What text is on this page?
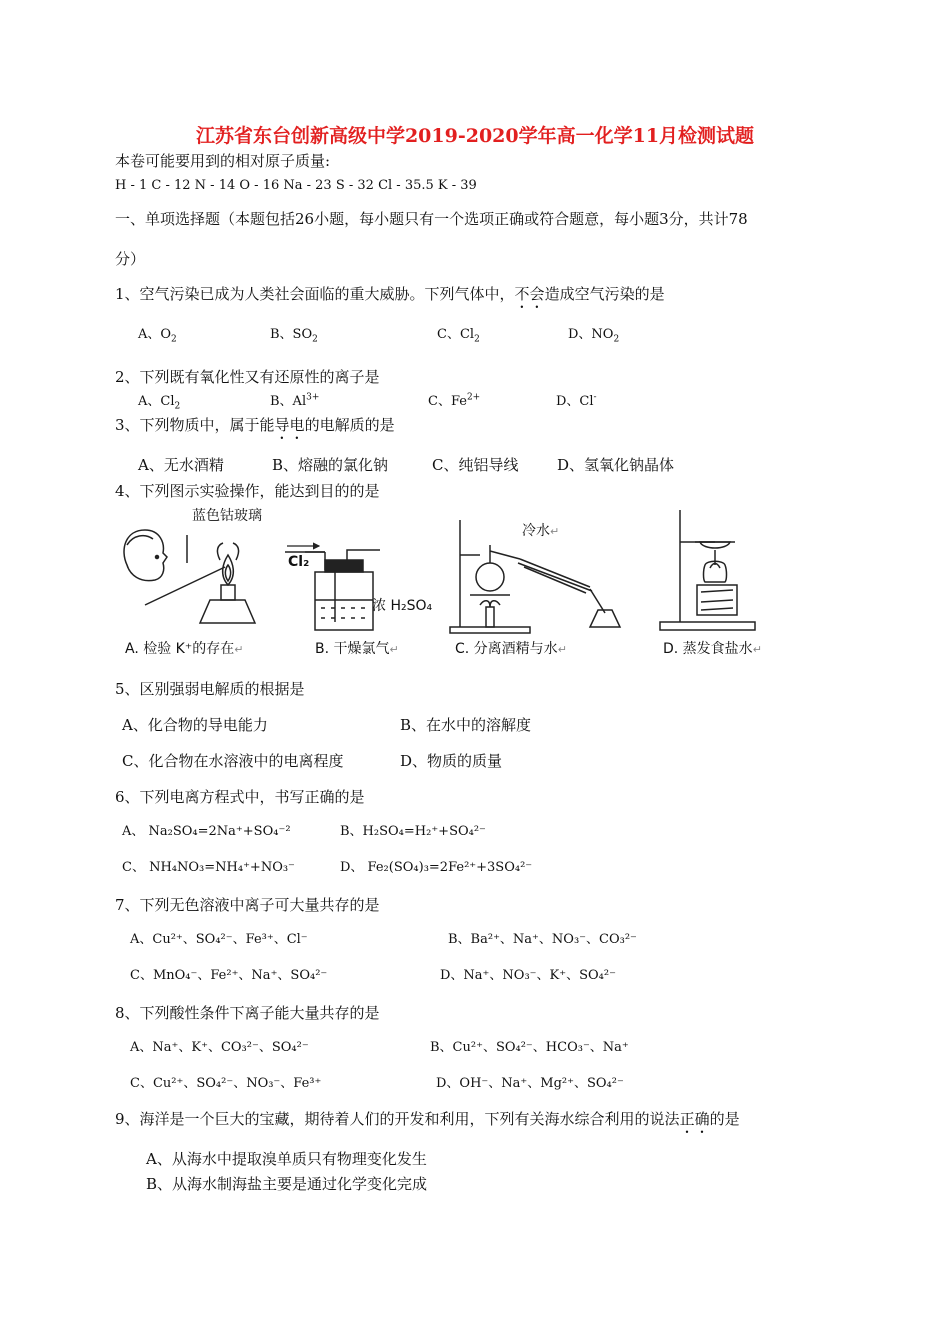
江苏省东台创新高级中学2019-2020学年高一化学11月检测试题
本卷可能要用到的相对原子质量:
H - 1 C - 12 N - 14 O - 16 Na - 23 S - 32 Cl - 35.5 K - 39
一、单项选择题（本题包括26小题，每小题只有一个选项正确或符合题意，每小题3分，共计78
分）
1、空气污染已成为人类社会面临的重大威胁。下列气体中，不会造成空气污染的是
A、$O_2$	B、$SO_2$	C、$Cl_2$	D、$NO_2$
2、下列既有氧化性又有还原性的离子是
A、$Cl_2$	B、$Al^{3+}$	C、$Fe^{2+}$	D、Cl-
3、下列物质中，属于能导电的电解质的是
A、无水酒精	B、熔融的氯化钠	C、纯铝导线	D、氢氧化钠晶体
4、下列图示实验操作，能达到目的的是
蓝色钴玻璃
Cl₂
浓 H₂SO₄
冷水↵
A. 检验 K⁺的存在↵	B. 干燥氯气↵	C. 分离酒精与水↵	D. 蒸发食盐水↵
5、区别强弱电解质的根据是
A、化合物的导电能力	B、在水中的溶解度
C、化合物在水溶液中的电离程度	D、物质的质量
6、下列电离方程式中，书写正确的是
A、 Na₂SO₄=2Na⁺+SO₄⁻²	B、H₂SO₄=H₂⁺+SO₄²⁻
C、 NH₄NO₃=NH₄⁺+NO₃⁻	D、 Fe₂(SO₄)₃=2Fe²⁺+3SO₄²⁻
7、下列无色溶液中离子可大量共存的是
A、Cu²⁺、SO₄²⁻、Fe³⁺、Cl⁻	B、Ba²⁺、Na⁺、NO₃⁻、CO₃²⁻
C、MnO₄⁻、Fe²⁺、Na⁺、SO₄²⁻	D、Na⁺、NO₃⁻、K⁺、SO₄²⁻
8、下列酸性条件下离子能大量共存的是
A、Na⁺、K⁺、CO₃²⁻、SO₄²⁻	B、Cu²⁺、SO₄²⁻、HCO₃⁻、Na⁺
C、Cu²⁺、SO₄²⁻、NO₃⁻、Fe³⁺	D、OH⁻、Na⁺、Mg²⁺、SO₄²⁻
9、海洋是一个巨大的宝藏，期待着人们的开发和利用，下列有关海水综合利用的说法正确的是
A、从海水中提取溴单质只有物理变化发生
B、从海水制海盐主要是通过化学变化完成
